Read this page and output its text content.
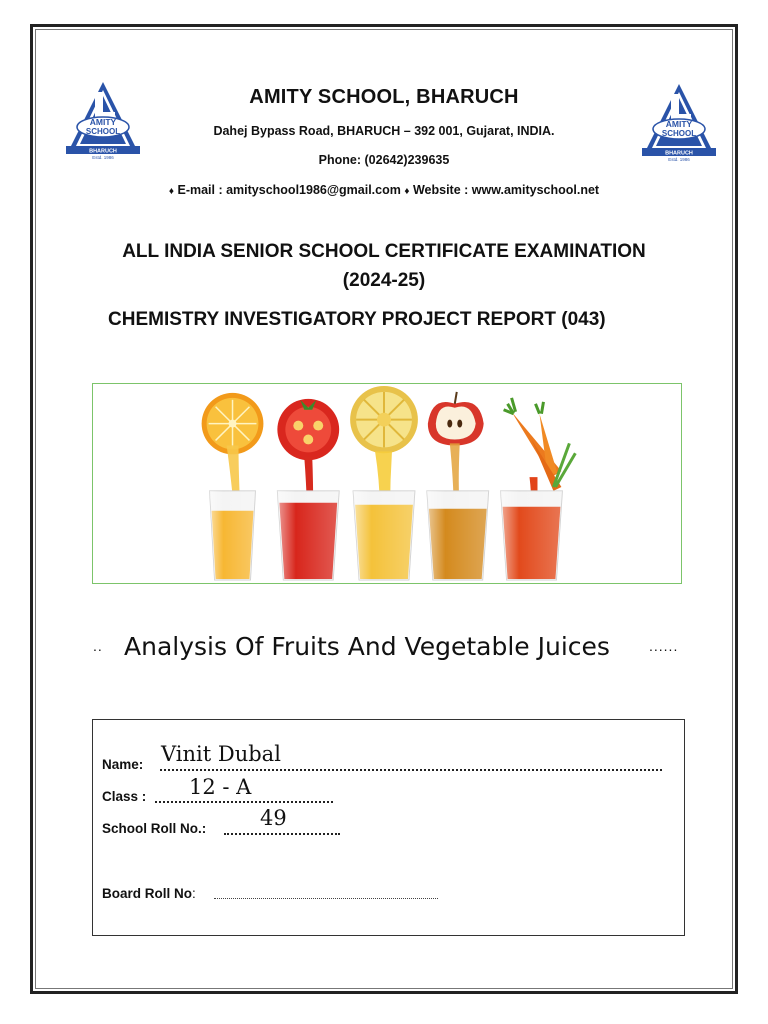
AMITY
SCHOOL
BHARUCH
Estd. 1986
AMITY
SCHOOL
BHARUCH
Estd. 1986
AMITY SCHOOL, BHARUCH
Dahej Bypass Road, BHARUCH – 392 001, Gujarat, INDIA.
Phone: (02642)239635
♦ E-mail : amityschool1986@gmail.com ♦ Website : www.amityschool.net
ALL INDIA SENIOR SCHOOL CERTIFICATE EXAMINATION
(2024-25)
CHEMISTRY INVESTIGATORY PROJECT REPORT (043)
.. Analysis Of Fruits And Vegetable Juices	......
Name: Vinit Dubal
Class : 12 - A
School Roll No.:	49
Board Roll No:
